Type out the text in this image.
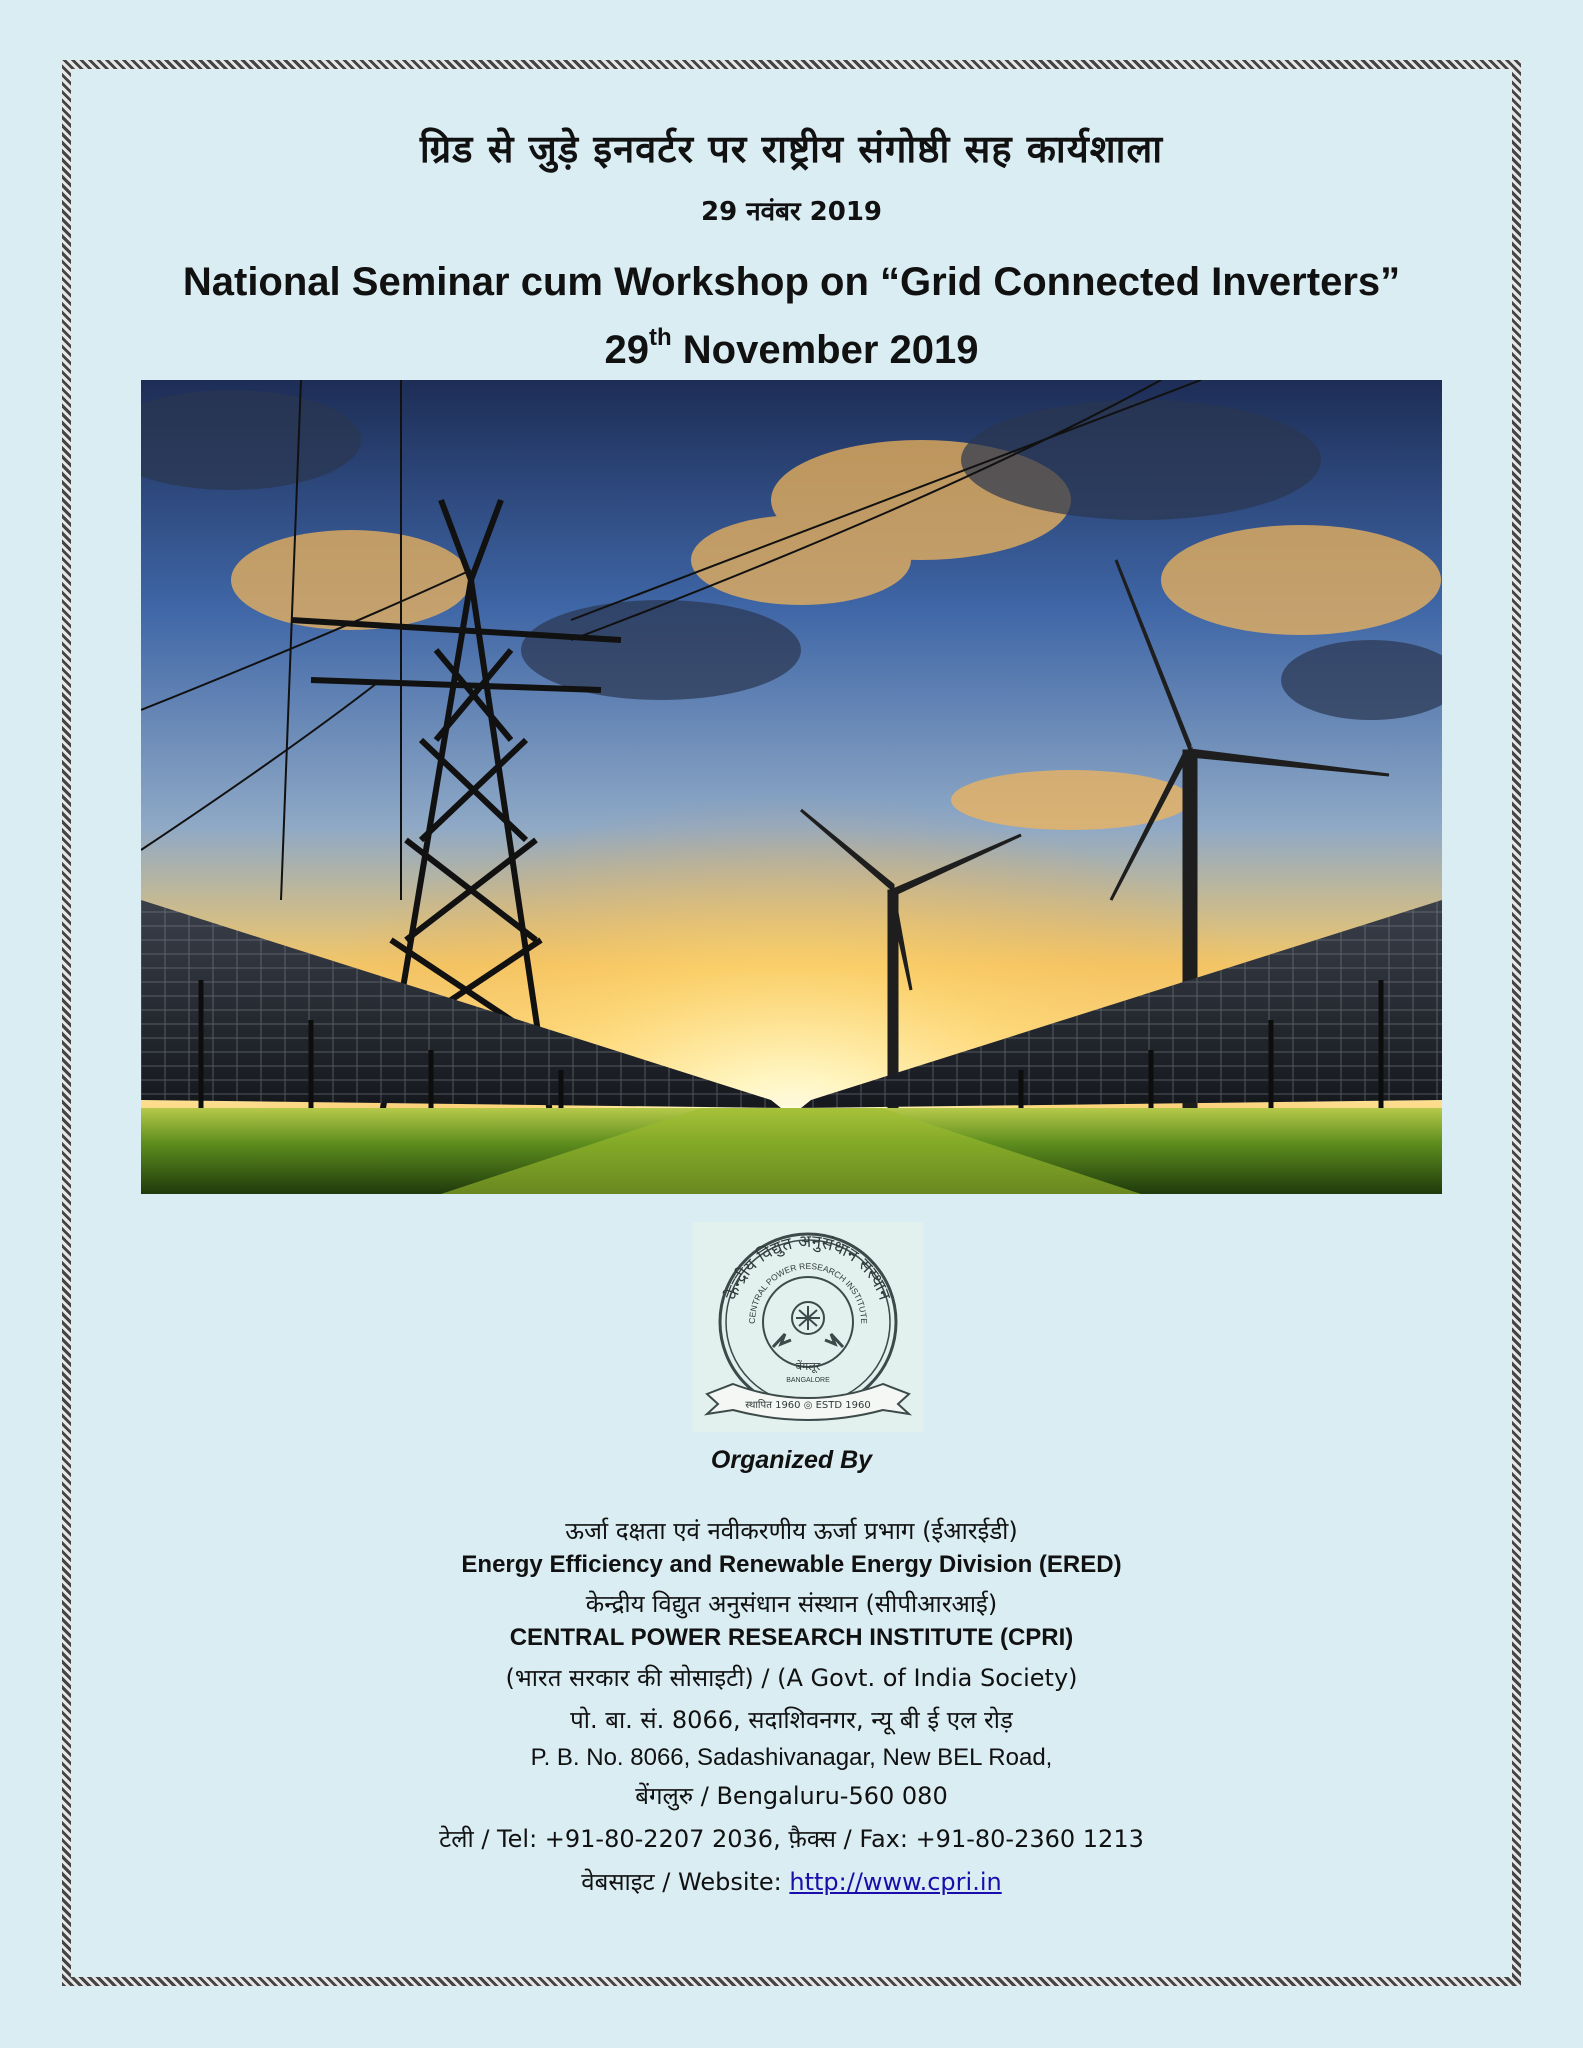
ग्रिड से जुड़े इनवर्टर पर राष्ट्रीय संगोष्ठी सह कार्यशाला
29 नवंबर 2019
National Seminar cum Workshop on “Grid Connected Inverters”
29th November 2019
केन्द्रीय विद्युत अनुसंधान संस्थान
CENTRAL POWER RESEARCH INSTITUTE
बेंगलूर
BANGALORE
स्थापित 1960 ◎ ESTD 1960
Organized By
ऊर्जा दक्षता एवं नवीकरणीय ऊर्जा प्रभाग (ईआरईडी)
Energy Efficiency and Renewable Energy Division (ERED)
केन्द्रीय विद्युत अनुसंधान संस्थान (सीपीआरआई)
CENTRAL POWER RESEARCH INSTITUTE (CPRI)
(भारत सरकार की सोसाइटी) / (A Govt. of India Society)
पो. बा. सं. 8066, सदाशिवनगर, न्यू बी ई एल रोड़
P. B. No. 8066, Sadashivanagar, New BEL Road,
बेंगलुरु / Bengaluru-560 080
टेली / Tel: +91-80-2207 2036, फ़ैक्स / Fax: +91-80-2360 1213
वेबसाइट / Website: http://www.cpri.in
